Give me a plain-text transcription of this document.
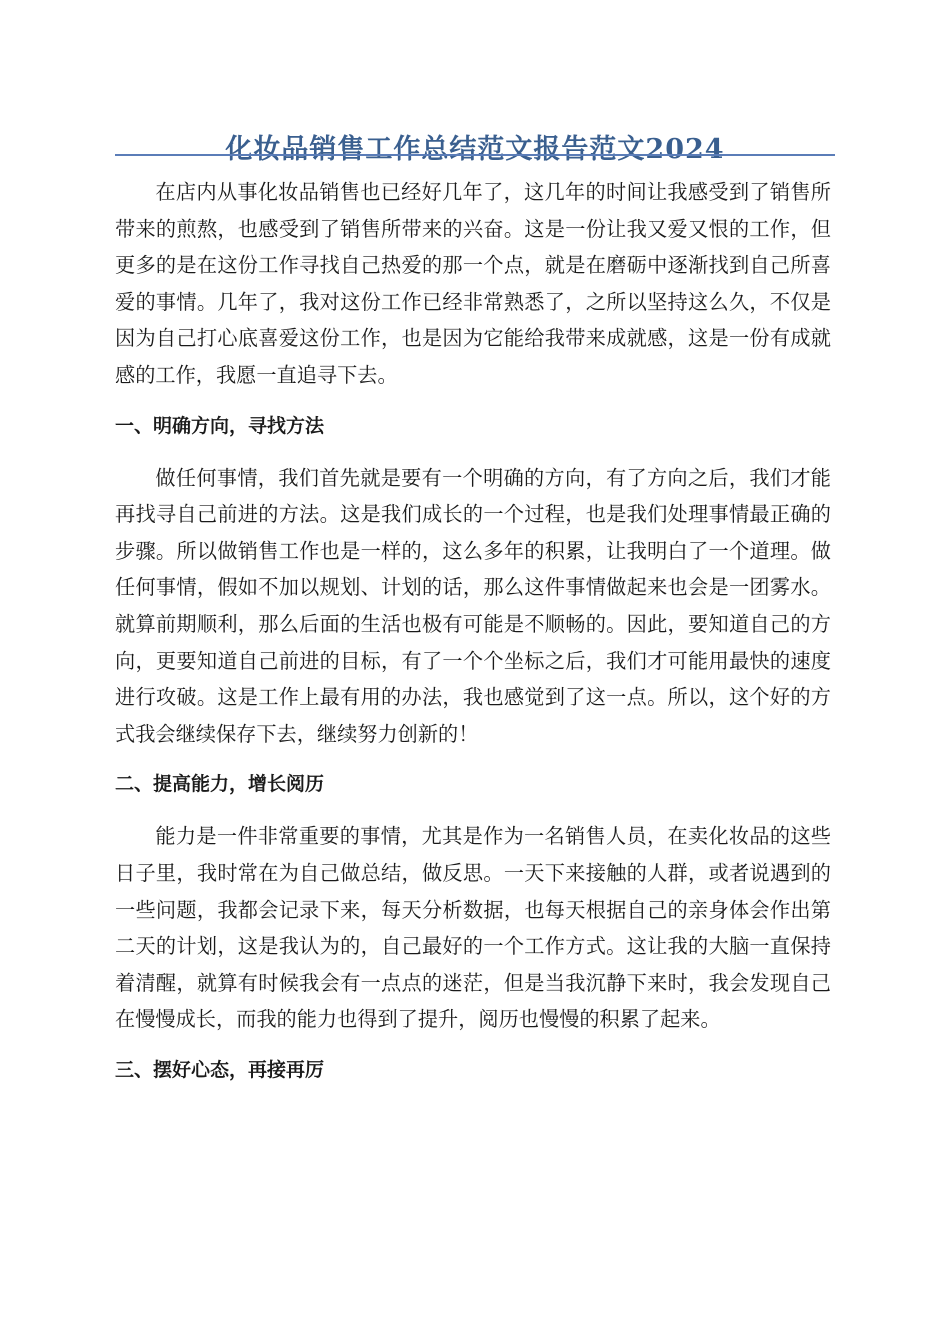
化妆品销售工作总结范文报告范文2024

在店内从事化妆品销售也已经好几年了，这几年的时间让我感受到了销售所带来的煎熬，也感受到了销售所带来的兴奋。这是一份让我又爱又恨的工作，但更多的是在这份工作寻找自己热爱的那一个点，就是在磨砺中逐渐找到自己所喜爱的事情。几年了，我对这份工作已经非常熟悉了，之所以坚持这么久，不仅是因为自己打心底喜爱这份工作，也是因为它能给我带来成就感，这是一份有成就感的工作，我愿一直追寻下去。

一、明确方向，寻找方法

做任何事情，我们首先就是要有一个明确的方向，有了方向之后，我们才能再找寻自己前进的方法。这是我们成长的一个过程，也是我们处理事情最正确的步骤。所以做销售工作也是一样的，这么多年的积累，让我明白了一个道理。做任何事情，假如不加以规划、计划的话，那么这件事情做起来也会是一团雾水。就算前期顺利，那么后面的生活也极有可能是不顺畅的。因此，要知道自己的方向，更要知道自己前进的目标，有了一个个坐标之后，我们才可能用最快的速度进行攻破。这是工作上最有用的办法，我也感觉到了这一点。所以，这个好的方式我会继续保存下去，继续努力创新的！

二、提高能力，增长阅历

能力是一件非常重要的事情，尤其是作为一名销售人员，在卖化妆品的这些日子里，我时常在为自己做总结，做反思。一天下来接触的人群，或者说遇到的一些问题，我都会记录下来，每天分析数据，也每天根据自己的亲身体会作出第二天的计划，这是我认为的，自己最好的一个工作方式。这让我的大脑一直保持着清醒，就算有时候我会有一点点的迷茫，但是当我沉静下来时，我会发现自己在慢慢成长，而我的能力也得到了提升，阅历也慢慢的积累了起来。

三、摆好心态，再接再厉
